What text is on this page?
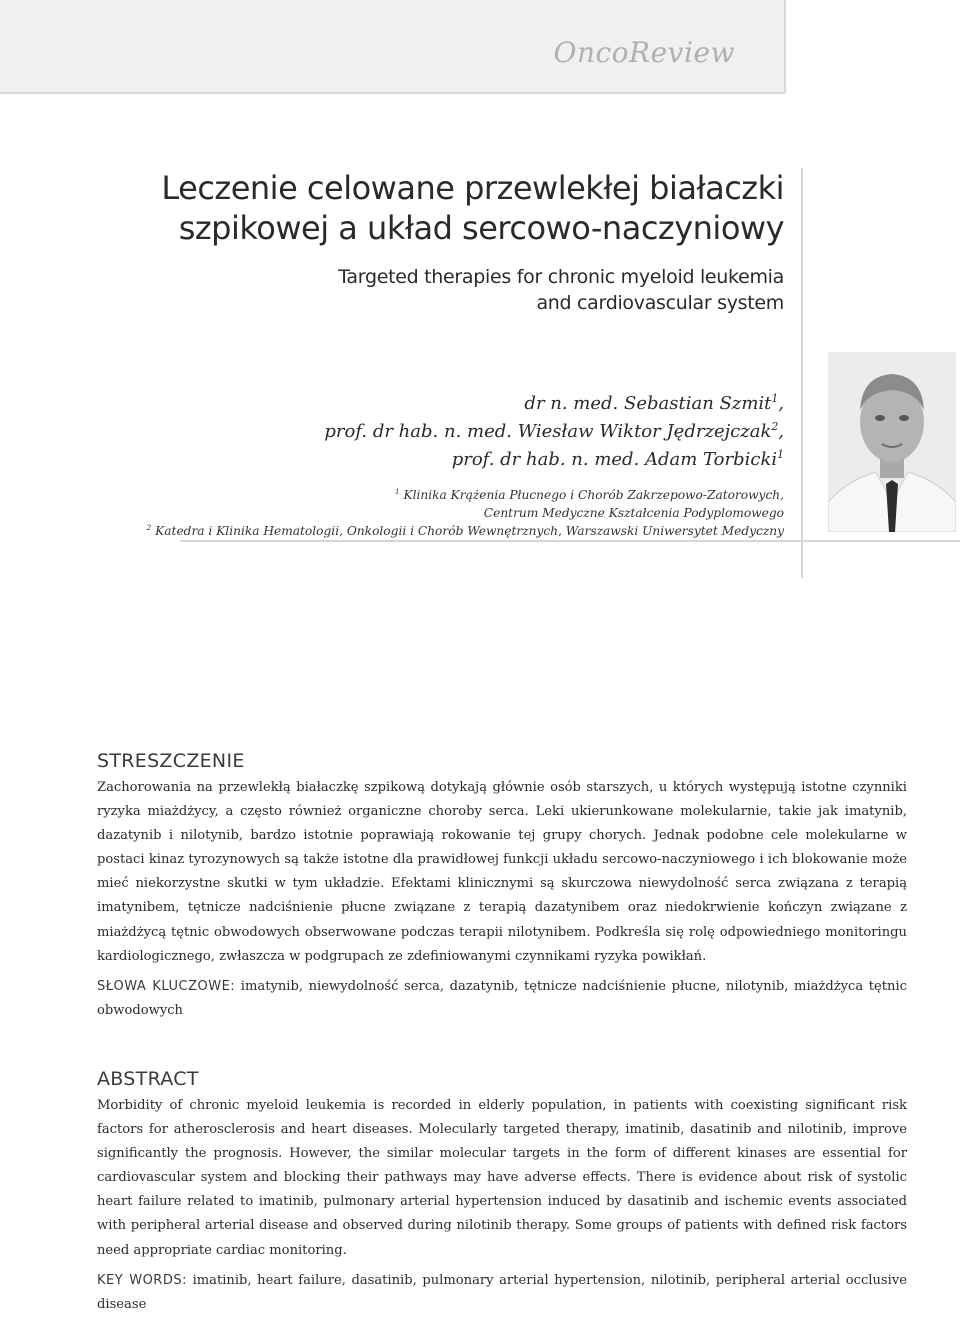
OncoReview
Leczenie celowane przewlekłej białaczki
szpikowej a układ sercowo-naczyniowy
Targeted therapies for chronic myeloid leukemia
and cardiovascular system
dr n. med. Sebastian Szmit$^1$,
prof. dr hab. n. med. Wiesław Wiktor Jędrzejczak$^2$,
prof. dr hab. n. med. Adam Torbicki$^1$
$^1$ Klinika Krążenia Płucnego i Chorób Zakrzepowo-Zatorowych,
Centrum Medyczne Kształcenia Podyplomowego
$^2$ Katedra i Klinika Hematologii, Onkologii i Chorób Wewnętrznych, Warszawski Uniwersytet Medyczny
STRESZCZENIE
Zachorowania na przewlekłą białaczkę szpikową dotykają głównie osób starszych, u których występują istotne czynniki ryzyka miażdżycy, a często również organiczne choroby serca. Leki ukierunkowane molekularnie, takie jak imatynib, dazatynib i nilotynib, bardzo istotnie poprawiają rokowanie tej grupy chorych. Jednak podobne cele molekularne w postaci kinaz tyrozynowych są także istotne dla prawidłowej funkcji układu sercowo-naczyniowego i ich blokowanie może mieć niekorzystne skutki w tym układzie. Efektami klinicznymi są skurczowa niewydolność serca związana z terapią imatynibem, tętnicze nadciśnienie płucne związane z terapią dazatynibem oraz niedokrwienie kończyn związane z miażdżycą tętnic obwodowych obserwowane podczas terapii nilotynibem. Podkreśla się rolę odpowiedniego monitoringu kardiologicznego, zwłaszcza w podgrupach ze zdefiniowanymi czynnikami ryzyka powikłań.
SŁOWA KLUCZOWE: imatynib, niewydolność serca, dazatynib, tętnicze nadciśnienie płucne, nilotynib, miażdżyca tętnic obwodowych
ABSTRACT
Morbidity of chronic myeloid leukemia is recorded in elderly population, in patients with coexisting significant risk factors for atherosclerosis and heart diseases. Molecularly targeted therapy, imatinib, dasatinib and nilotinib, improve significantly the prognosis. However, the similar molecular targets in the form of different kinases are essential for cardiovascular system and blocking their pathways may have adverse effects. There is evidence about risk of systolic heart failure related to imatinib, pulmonary arterial hypertension induced by dasatinib and ischemic events associated with peripheral arterial disease and observed during nilotinib therapy. Some groups of patients with defined risk factors need appropriate cardiac monitoring.
KEY WORDS: imatinib, heart failure, dasatinib, pulmonary arterial hypertension, nilotinib, peripheral arterial occlusive disease
